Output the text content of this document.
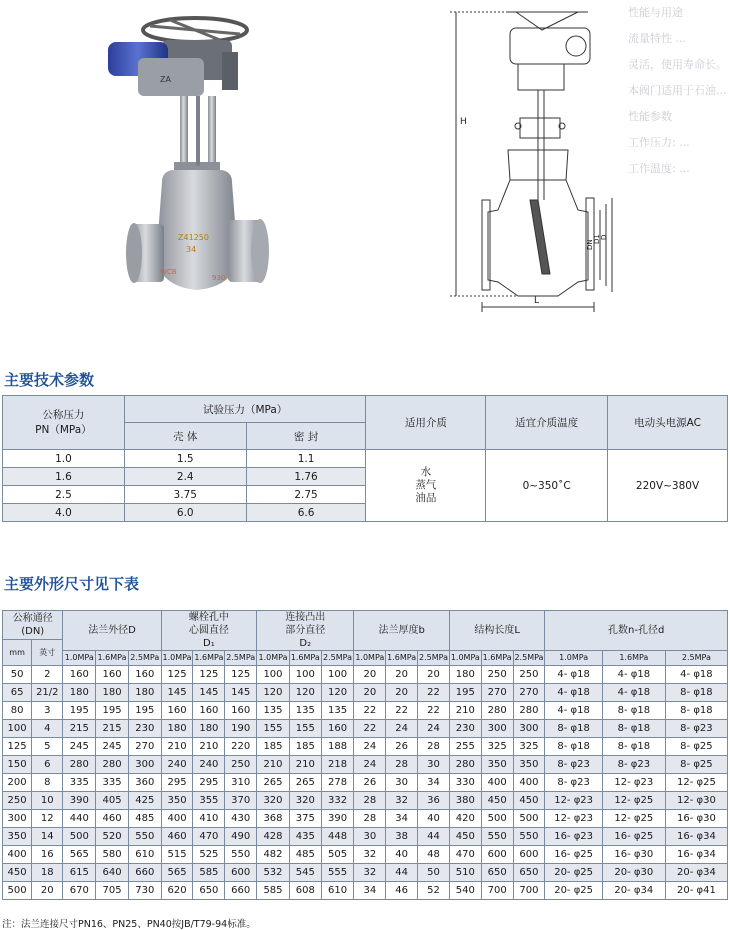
ZA
Z41250
34
WCB
930
H
L
DN
D1 D
性能与用途
流量特性 ...
灵活，使用寿命长。
本阀门适用于石油...
性能参数
工作压力: ...
工作温度: ...
主要技术参数
公称压力
PN（MPa）	试验压力（MPa）		适用介质	适宜介质温度	电动头电源AC
	壳 体	密 封			
1.0	1.5	1.1	水
蒸气
油品	0~350˚C	220V~380V
1.6	2.4	1.76			
2.5	3.75	2.75			
4.0	6.0	6.6			
主要外形尺寸见下表
公称通径
(DN)		法兰外径D			螺栓孔中
心圆直径
D₁			连接凸出
部分直径
D₂			法兰厚度b			结构长度L			孔数n-孔径d		
mm	英寸																		
		1.0MPa	1.6MPa	2.5MPa	1.0MPa	1.6MPa	2.5MPa	1.0MPa	1.6MPa	2.5MPa	1.0MPa	1.6MPa	2.5MPa	1.0MPa	1.6MPa	2.5MPa	1.0MPa	1.6MPa	2.5MPa
50	2	160	160	160	125	125	125	100	100	100	20	20	20	180	250	250	4- φ18	4- φ18	4- φ18
65	21/2	180	180	180	145	145	145	120	120	120	20	20	22	195	270	270	4- φ18	4- φ18	8- φ18
80	3	195	195	195	160	160	160	135	135	135	22	22	22	210	280	280	4- φ18	8- φ18	8- φ18
100	4	215	215	230	180	180	190	155	155	160	22	24	24	230	300	300	8- φ18	8- φ18	8- φ23
125	5	245	245	270	210	210	220	185	185	188	24	26	28	255	325	325	8- φ18	8- φ18	8- φ25
150	6	280	280	300	240	240	250	210	210	218	24	28	30	280	350	350	8- φ23	8- φ23	8- φ25
200	8	335	335	360	295	295	310	265	265	278	26	30	34	330	400	400	8- φ23	12- φ23	12- φ25
250	10	390	405	425	350	355	370	320	320	332	28	32	36	380	450	450	12- φ23	12- φ25	12- φ30
300	12	440	460	485	400	410	430	368	375	390	28	34	40	420	500	500	12- φ23	12- φ25	16- φ30
350	14	500	520	550	460	470	490	428	435	448	30	38	44	450	550	550	16- φ23	16- φ25	16- φ34
400	16	565	580	610	515	525	550	482	485	505	32	40	48	470	600	600	16- φ25	16- φ30	16- φ34
450	18	615	640	660	565	585	600	532	545	555	32	44	50	510	650	650	20- φ25	20- φ30	20- φ34
500	20	670	705	730	620	650	660	585	608	610	34	46	52	540	700	700	20- φ25	20- φ34	20- φ41
注：法兰连接尺寸PN16、PN25、PN40按JB/T79-94标准。
